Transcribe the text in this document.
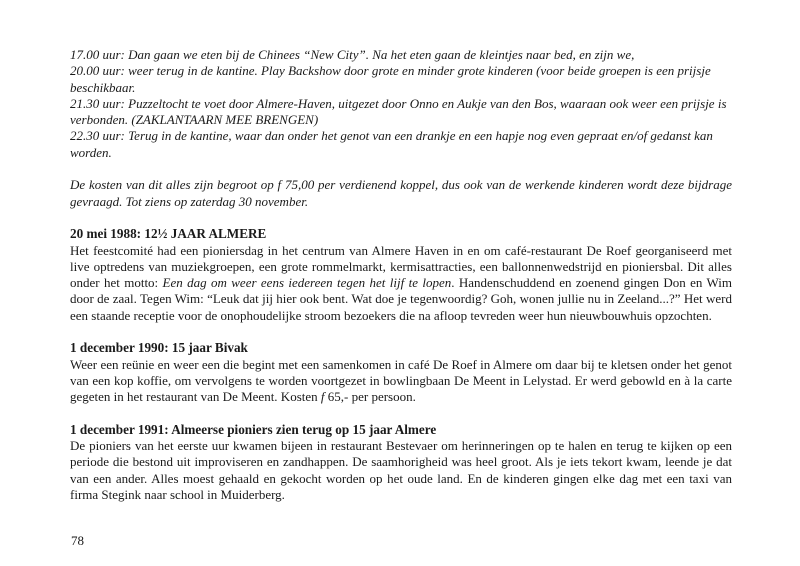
17.00 uur: Dan gaan we eten bij de Chinees “New City”. Na het eten gaan de kleintjes naar bed, en zijn we,

20.00 uur: weer terug in de kantine. Play Backshow door grote en minder grote kinderen (voor beide groepen is een prijsje beschikbaar.

21.30 uur: Puzzeltocht te voet door Almere-Haven, uitgezet door Onno en Aukje van den Bos, waaraan ook weer een prijsje is verbonden. (ZAKLANTAARN MEE BRENGEN)

22.30 uur: Terug in de kantine, waar dan onder het genot van een drankje en een hapje nog even gepraat en/of gedanst kan worden.

De kosten van dit alles zijn begroot op f 75,00 per verdienend koppel, dus ook van de werkende kinderen wordt deze bijdrage gevraagd. Tot ziens op zaterdag 30 november.

20 mei 1988: 12½ JAAR ALMERE

Het feestcomité had een pioniersdag in het centrum van Almere Haven in en om café-restaurant De Roef georganiseerd met live optredens van muziekgroepen, een grote rommelmarkt, kermisattracties, een ballonnenwedstrijd en pioniersbal. Dit alles onder het motto: Een dag om weer eens iedereen tegen het lijf te lopen. Handenschuddend en zoenend gingen Don en Wim door de zaal. Tegen Wim: “Leuk dat jij hier ook bent. Wat doe je tegenwoordig? Goh, wonen jullie nu in Zeeland...?” Het werd een staande receptie voor de onophoudelijke stroom bezoekers die na afloop tevreden weer hun nieuwbouwhuis opzochten.

1 december 1990: 15 jaar Bivak

Weer een reünie en weer een die begint met een samenkomen in café De Roef in Almere om daar bij te kletsen onder het genot van een kop koffie, om vervolgens te worden voortgezet in bowlingbaan De Meent in Lelystad. Er werd gebowld en à la carte gegeten in het restaurant van De Meent. Kosten f 65,- per persoon.

1 december 1991: Almeerse pioniers zien terug op 15 jaar Almere

De pioniers van het eerste uur kwamen bijeen in restaurant Bestevaer om herinneringen op te halen en terug te kijken op een periode die bestond uit improviseren en zandhappen. De saamhorigheid was heel groot. Als je iets tekort kwam, leende je dat van een ander. Alles moest gehaald en gekocht worden op het oude land. En de kinderen gingen elke dag met een taxi van firma Stegink naar school in Muiderberg.

78
